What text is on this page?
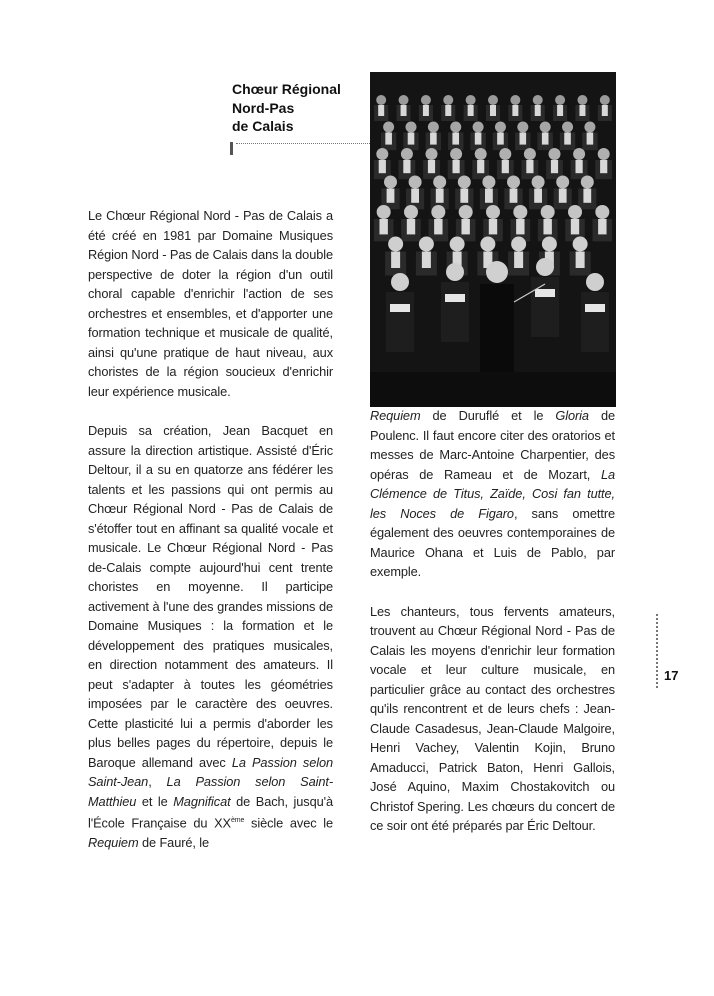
Chœur Régional
Nord-Pas
de Calais

Le Chœur Régional Nord - Pas de Calais a été créé en 1981 par Domaine Musiques Région Nord - Pas de Calais dans la double perspective de doter la région d'un outil choral capable d'enrichir l'action de ses orchestres et ensembles, et d'apporter une formation technique et musicale de qualité, ainsi qu'une pratique de haut niveau, aux choristes de la région soucieux d'enrichir leur expérience musicale.

Depuis sa création, Jean Bacquet en assure la direction artistique. Assisté d'Éric Deltour, il a su en quatorze ans fédérer les talents et les passions qui ont permis au Chœur Régional Nord - Pas de Calais de s'étoffer tout en affinant sa qualité vocale et musicale. Le Chœur Régional Nord - Pas de-Calais compte aujourd'hui cent trente choristes en moyenne. Il participe activement à l'une des grandes missions de Domaine Musiques : la formation et le développement des pratiques musicales, en direction notamment des amateurs. Il peut s'adapter à toutes les géométries imposées par le caractère des oeuvres. Cette plasticité lui a permis d'aborder les plus belles pages du répertoire, depuis le Baroque allemand avec La Passion selon Saint-Jean, La Passion selon Saint-Matthieu et le Magnificat de Bach, jusqu'à l'École Française du XXème siècle avec le Requiem de Fauré, le

Requiem de Duruflé et le Gloria de Poulenc. Il faut encore citer des oratorios et messes de Marc-Antoine Charpentier, des opéras de Rameau et de Mozart, La Clémence de Titus, Zaïde, Cosi fan tutte, les Noces de Figaro, sans omettre également des oeuvres contemporaines de Maurice Ohana et Luis de Pablo, par exemple.

Les chanteurs, tous fervents amateurs, trouvent au Chœur Régional Nord - Pas de Calais les moyens d'enrichir leur formation vocale et leur culture musicale, en particulier grâce au contact des orchestres qu'ils rencontrent et de leurs chefs : Jean-Claude Casadesus, Jean-Claude Malgoire, Henri Vachey, Valentin Kojin, Bruno Amaducci, Patrick Baton, Henri Gallois, José Aquino, Maxim Chostakovitch ou Christof Spering. Les chœurs du concert de ce soir ont été préparés par Éric Deltour.

17
